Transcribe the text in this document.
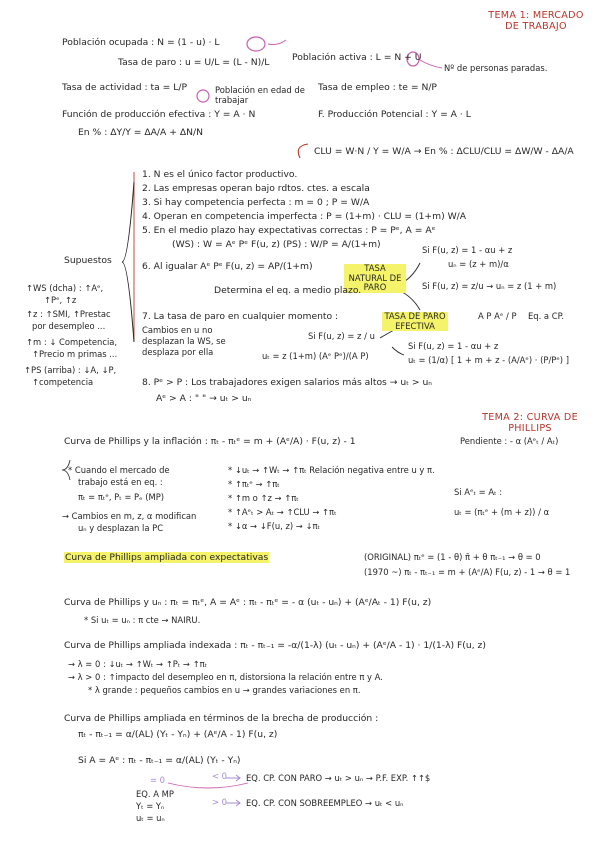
TEMA 1: MERCADO
DE TRABAJO
Población ocupada : N = (1 - u) · L
Tasa de paro : u = U/L = (L - N)/L Población activa : L = N + U
Nº de personas paradas.
Tasa de actividad : ta = L/P	Población en edad de trabajar
Tasa de empleo : te = N/P
Función de producción efectiva : Y = A · N	F. Producción Potencial : Y = A · L
En % : ΔY/Y = ΔA/A + ΔN/N
CLU = W·N / Y = W/A → En % : ΔCLU/CLU = ΔW/W - ΔA/A
Supuestos
↑WS (dcha) : ↑Aᵉ,
↑Pᵉ, ↑z
↑z : ↑SMI, ↑Prestac
por desempleo ...
↑m : ↓ Competencia,
↑Precio m primas ...
↑PS (arriba) : ↓A, ↓P,
↑competencia
1. N es el único factor productivo.
2. Las empresas operan bajo rdtos. ctes. a escala
3. Si hay competencia perfecta : m = 0 ; P = W/A
4. Operan en competencia imperfecta : P = (1+m) · CLU = (1+m) W/A
5. En el medio plazo hay expectativas correctas : P = Pᵉ, A = Aᵉ
(WS) : W = Aᵉ Pᵉ F(u, z) (PS) : W/P = A/(1+m)
6. Al igualar Aᵉ Pᵉ F(u, z) = AP/(1+m)	TASA NATURAL DE PARO
Determina el eq. a medio plazo.
Si F(u, z) = 1 - αu + z
uₙ = (z + m)/α
Si F(u, z) = z/u → uₙ = z (1 + m)
7. La tasa de paro en cualquier momento :	TASA DE PARO EFECTIVA
A P Aᵉ / P Eq. a CP.
Cambios en u no
desplazan la WS, se
desplaza por ella	uₜ = z (1+m) (Aᵉ Pᵉ)/(A P)
Si F(u, z) = z / u
Si F(u, z) = 1 - αu + z
uₜ = (1/α) [ 1 + m + z - (A/Aᵉ) · (P/Pᵉ) ]
8. Pᵉ > P : Los trabajadores exigen salarios más altos → uₜ > uₙ
Aᵉ > A : " " → uₜ > uₙ
TEMA 2: CURVA DE
PHILLIPS
Curva de Phillips y la inflación : πₜ - πₜᵉ = m + (Aᵉ/A) · F(u, z) - 1	Pendiente : - α (Aᵉₜ / Aₜ)
* Cuando el mercado de
trabajo está en eq. :
πₜ = πₜᵉ, Pₜ = Pₑ (MP)
→ Cambios en m, z, α modifican
uₙ y desplazan la PC
* ↓uₜ → ↑Wₜ → ↑πₜ Relación negativa entre u y π.
* ↑πₜᵉ → ↑πₜ
* ↑m o ↑z → ↑πₜ
* ↑Aᵉₜ > Aₜ → ↑CLU → ↑πₜ
* ↓α → ↓F(u, z) → ↓πₜ
Si Aᵉₜ = Aₜ :
uₜ = (πₜᵉ + (m + z)) / α
Curva de Phillips ampliada con expectativas	(ORIGINAL) πₜᵉ = (1 - θ) π̄ + θ πₜ₋₁ → θ = 0
(1970 ~) πₜ - πₜ₋₁ = m + (Aᵉ/A) F(u, z) - 1 → θ = 1
Curva de Phillips y uₙ : πₜ = πₜᵉ, A = Aᵉ : πₜ - πₜᵉ = - α (uₜ - uₙ) + (Aᵉ/Aₜ - 1) F(u, z)
* Si uₜ = uₙ : π cte → NAIRU.
Curva de Phillips ampliada indexada : πₜ - πₜ₋₁ = -α/(1-λ) (uₜ - uₙ) + (Aᵉ/A - 1) · 1/(1-λ) F(u, z)
→ λ = 0 : ↓uₜ → ↑Wₜ → ↑Pₜ → ↑πₜ
→ λ > 0 : ↑impacto del desempleo en π, distorsiona la relación entre π y A.
* λ grande : pequeños cambios en u → grandes variaciones en π.
Curva de Phillips ampliada en términos de la brecha de producción :
πₜ - πₜ₋₁ = α/(AL) (Yₜ - Yₙ) + (Aᵉ/A - 1) F(u, z)
Si A = Aᵉ : πₜ - πₜ₋₁ = α/(AL) (Yₜ - Yₙ)
= 0
EQ. A MP
Yₜ = Yₙ
uₜ = uₙ
EQ. CP. CON PARO → uₜ > uₙ → P.F. EXP. ↑↑$
EQ. CP. CON SOBREEMPLEO → uₜ < uₙ
< 0
> 0
